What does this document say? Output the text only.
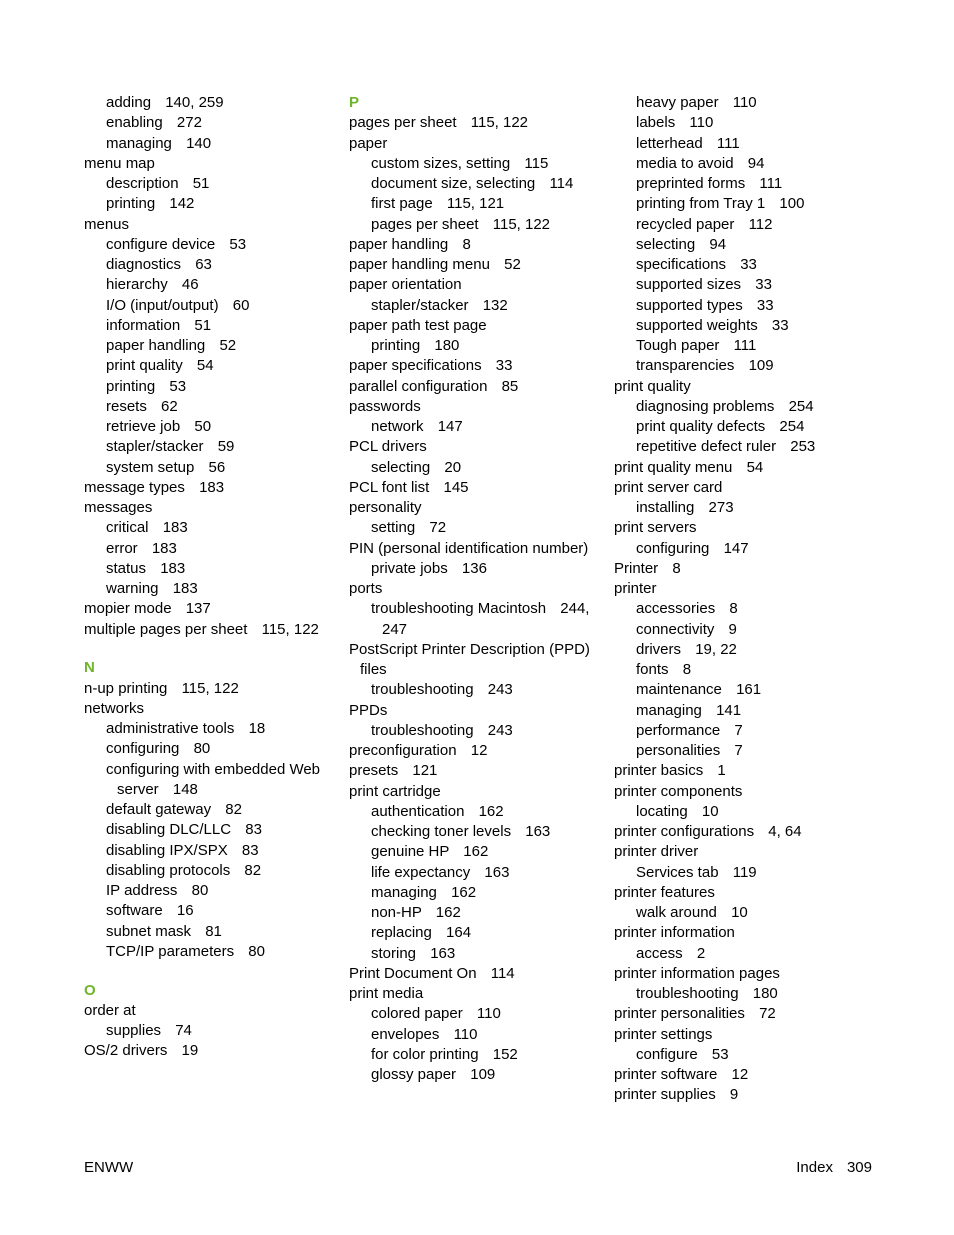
adding 140, 259
enabling 272
managing 140
menu map
description 51
printing 142
menus
configure device 53
diagnostics 63
hierarchy 46
I/O (input/output) 60
information 51
paper handling 52
print quality 54
printing 53
resets 62
retrieve job 50
stapler/stacker 59
system setup 56
message types 183
messages
critical 183
error 183
status 183
warning 183
mopier mode 137
multiple pages per sheet 115, 122
N
n-up printing 115, 122
networks
administrative tools 18
configuring 80
configuring with embedded Web server 148
default gateway 82
disabling DLC/LLC 83
disabling IPX/SPX 83
disabling protocols 82
IP address 80
software 16
subnet mask 81
TCP/IP parameters 80
O
order at
supplies 74
OS/2 drivers 19
P
pages per sheet 115, 122
paper
custom sizes, setting 115
document size, selecting 114
first page 115, 121
pages per sheet 115, 122
paper handling 8
paper handling menu 52
paper orientation
stapler/stacker 132
paper path test page
printing 180
paper specifications 33
parallel configuration 85
passwords
network 147
PCL drivers
selecting 20
PCL font list 145
personality
setting 72
PIN (personal identification number)
private jobs 136
ports
troubleshooting Macintosh 244, 247
PostScript Printer Description (PPD) files
troubleshooting 243
PPDs
troubleshooting 243
preconfiguration 12
presets 121
print cartridge
authentication 162
checking toner levels 163
genuine HP 162
life expectancy 163
managing 162
non-HP 162
replacing 164
storing 163
Print Document On 114
print media
colored paper 110
envelopes 110
for color printing 152
glossy paper 109
heavy paper 110
labels 110
letterhead 111
media to avoid 94
preprinted forms 111
printing from Tray 1 100
recycled paper 112
selecting 94
specifications 33
supported sizes 33
supported types 33
supported weights 33
Tough paper 111
transparencies 109
print quality
diagnosing problems 254
print quality defects 254
repetitive defect ruler 253
print quality menu 54
print server card
installing 273
print servers
configuring 147
Printer 8
printer
accessories 8
connectivity 9
drivers 19, 22
fonts 8
maintenance 161
managing 141
performance 7
personalities 7
printer basics 1
printer components
locating 10
printer configurations 4, 64
printer driver
Services tab 119
printer features
walk around 10
printer information
access 2
printer information pages
troubleshooting 180
printer personalities 72
printer settings
configure 53
printer software 12
printer supplies 9
ENWW	Index 309
